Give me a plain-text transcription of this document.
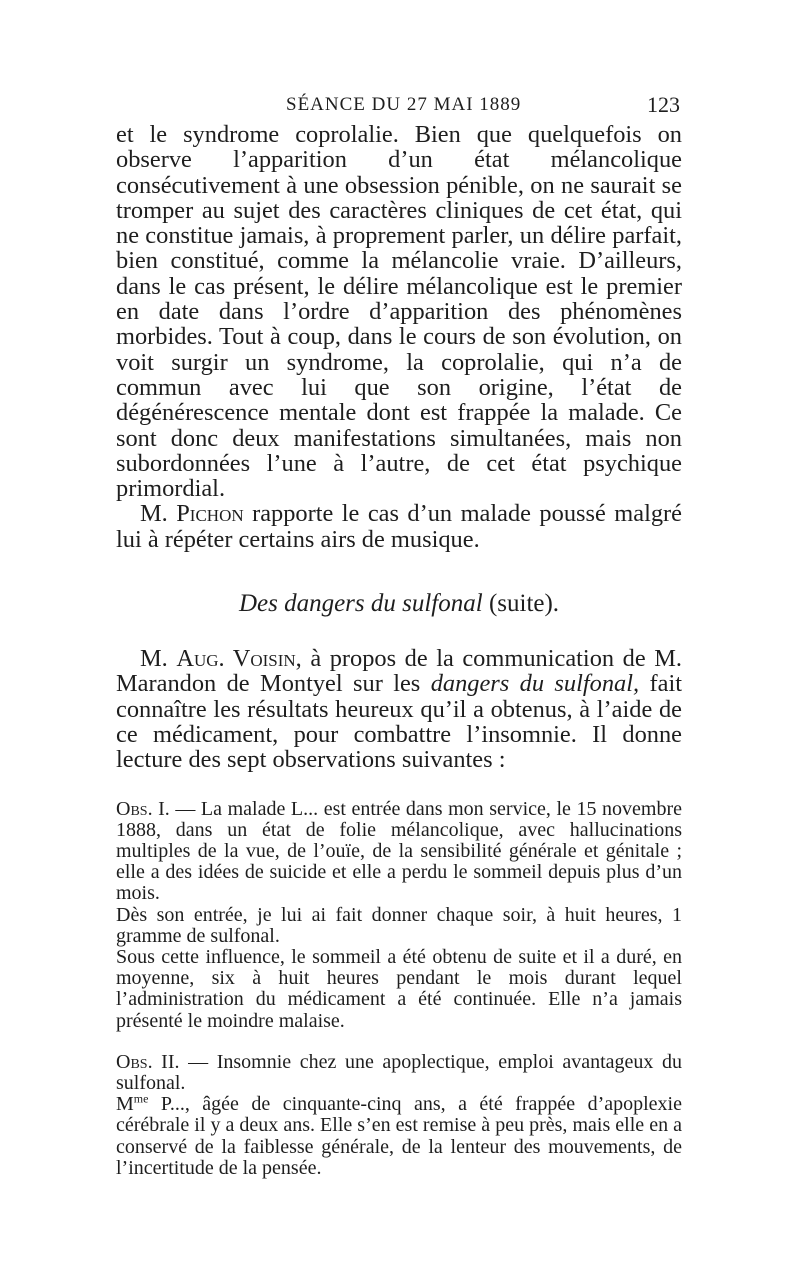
SÉANCE DU 27 MAI 1889	123

et le syndrome coprolalie. Bien que quelquefois on observe l’apparition d’un état mélancolique consécutivement à une obsession pénible, on ne saurait se tromper au sujet des caractères cliniques de cet état, qui ne constitue jamais, à proprement parler, un délire parfait, bien constitué, comme la mélancolie vraie. D’ailleurs, dans le cas présent, le délire mélancolique est le premier en date dans l’ordre d’apparition des phénomènes morbides. Tout à coup, dans le cours de son évolution, on voit surgir un syndrome, la coprolalie, qui n’a de commun avec lui que son origine, l’état de dégénérescence mentale dont est frappée la malade. Ce sont donc deux manifestations simultanées, mais non subordonnées l’une à l’autre, de cet état psychique primordial.

M. Pichon rapporte le cas d’un malade poussé malgré lui à répéter certains airs de musique.

Des dangers du sulfonal (suite).

M. Aug. Voisin, à propos de la communication de M. Marandon de Montyel sur les dangers du sulfonal, fait connaître les résultats heureux qu’il a obtenus, à l’aide de ce médicament, pour combattre l’insomnie. Il donne lecture des sept observations suivantes :

Obs. I. — La malade L... est entrée dans mon service, le 15 novembre 1888, dans un état de folie mélancolique, avec hallucinations multiples de la vue, de l’ouïe, de la sensibilité générale et génitale ; elle a des idées de suicide et elle a perdu le sommeil depuis plus d’un mois.

Dès son entrée, je lui ai fait donner chaque soir, à huit heures, 1 gramme de sulfonal.

Sous cette influence, le sommeil a été obtenu de suite et il a duré, en moyenne, six à huit heures pendant le mois durant lequel l’administration du médicament a été continuée. Elle n’a jamais présenté le moindre malaise.

Obs. II. — Insomnie chez une apoplectique, emploi avantageux du sulfonal.

$M^{me}$ P..., âgée de cinquante-cinq ans, a été frappée d’apoplexie cérébrale il y a deux ans. Elle s’en est remise à peu près, mais elle en a conservé de la faiblesse générale, de la lenteur des mouvements, de l’incertitude de la pensée.
